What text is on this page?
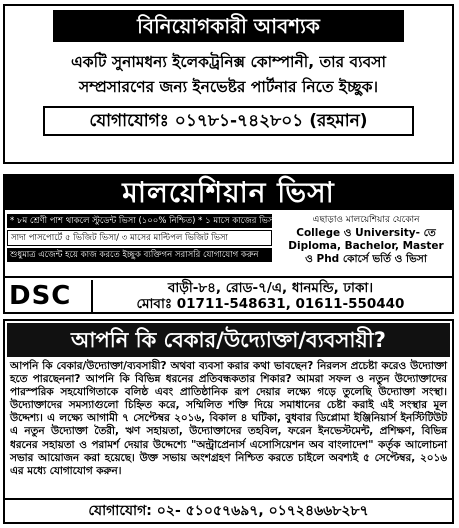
বিনিয়োগকারী আবশ্যক
একটি সুনামধন্য ইলেকট্রনিক্স কোম্পানী, তার ব্যবসা
সম্প্রসারণের জন্য ইনভেষ্টর পার্টনার নিতে ইচ্ছুক।
যোগাযোগঃ ০১৭৮১-৭৪২৮০১ (রহমান)
মালয়েশিয়ান ভিসা
* ৮ম শ্রেণী পাশ থাকলে স্টুডেন্ট ভিসা (১০০% নিশ্চিত) * ১ মাসে কাজের ভিসা-ক্যাটাগরী-১/৩
সাদা পাসপোর্টে ৫ ভিজিট ভিসা/ ৩ মাসের মাল্টিপল ভিজিট ভিসা
শুধুমাত্র এজেন্ট হয়ে কাজ করতে ইচ্ছুক ব্যক্তিগন সরাসরি যোগাযোগ করুন
এছাড়াও মালয়েশিয়ার যেকোন
College ও University- তে
Diploma, Bachelor, Master
ও Phd কোর্সে ভর্তি ও ভিসা
DSC	বাড়ী-৮৪, রোড-৭/এ, ধানমন্ডি, ঢাকা।
মোবাঃ 01711-548631, 01611-550440
আপনি কি বেকার/উদ্যোক্তা/ব্যবসায়ী?
আপনি কি বেকার/উদ্যোক্তা/ব্যবসায়ী? অথবা ব্যবসা করার কথা ভাবছেন? নিরলস প্রচেষ্টা করেও উদ্যোক্তা হতে পারছেননা? আপনি কি বিভিন্ন ধরনের প্রতিবন্ধকতার শিকার? আমরা সফল ও নতুন উদ্যোক্তাদের পারস্পরিক সহযোগিতাকে বলিষ্ঠ এবং প্রাতিষ্ঠানিক রূপ দেয়ার লক্ষ্যে গড়ে তুলেছি উদ্যোক্তা সংস্থা। উদ্যোক্তাদের সমস্যাগুলো চিহ্নিত করে, সম্মিলিত শক্তি দিয়ে সমাধানের চেষ্টা করাই এই সংস্থার মূল উদ্দেশ্য। এ লক্ষ্যে আগামী ৭ সেপ্টেম্বর ২০১৬, বিকাল ৪ ঘটিকা, বুধবার ডিপ্লোমা ইঞ্জিনিয়ার্স ইনস্টিটিউট এ নতুন উদ্যোক্তা তৈরী, ঋণ সহায়তা, উদ্যোক্তাদের তহবিল, ফরেন ইনভেস্টমেন্ট, প্রশিক্ষণ, বিভিন্ন ধরনের সহায়তা ও পরামর্শ দেয়ার উদ্দেশ্যে "অন্ট্রাপ্রেনার্স এসোসিয়েশন অব বাংলাদেশ" কর্তৃক আলোচনা সভার আয়োজন করা হয়েছে। উক্ত সভায় অংশগ্রহণ নিশ্চিত করতে চাইলে অবশ্যই ৫ সেপ্টেম্বর, ২০১৬ এর মধ্যে যোগাযোগ করুন।
যোগাযোগ: ০২- ৫১০৫৭৬৯৭, ০১৭২৪৬৬৮২৮৭
